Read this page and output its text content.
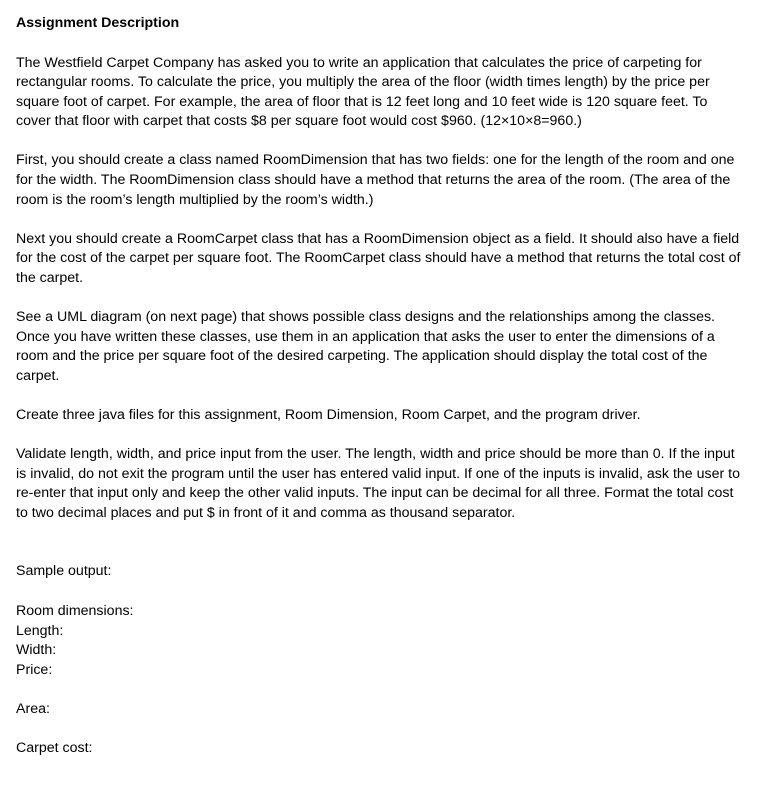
Assignment Description

The Westfield Carpet Company has asked you to write an application that calculates the price of carpeting for rectangular rooms. To calculate the price, you multiply the area of the floor (width times length) by the price per square foot of carpet. For example, the area of floor that is 12 feet long and 10 feet wide is 120 square feet. To cover that floor with carpet that costs $8 per square foot would cost $960. (12×10×8=960.)

First, you should create a class named RoomDimension that has two fields: one for the length of the room and one for the width. The RoomDimension class should have a method that returns the area of the room. (The area of the room is the room’s length multiplied by the room’s width.)

Next you should create a RoomCarpet class that has a RoomDimension object as a field. It should also have a field for the cost of the carpet per square foot. The RoomCarpet class should have a method that returns the total cost of the carpet.

See a UML diagram (on next page) that shows possible class designs and the relationships among the classes. Once you have written these classes, use them in an application that asks the user to enter the dimensions of a room and the price per square foot of the desired carpeting. The application should display the total cost of the carpet.

Create three java files for this assignment, Room Dimension, Room Carpet, and the program driver.

Validate length, width, and price input from the user. The length, width and price should be more than 0. If the input is invalid, do not exit the program until the user has entered valid input. If one of the inputs is invalid, ask the user to re-enter that input only and keep the other valid inputs. The input can be decimal for all three. Format the total cost to two decimal places and put $ in front of it and comma as thousand separator.

Sample output:

Room dimensions:

Length:

Width:

Price:

Area:

Carpet cost:
